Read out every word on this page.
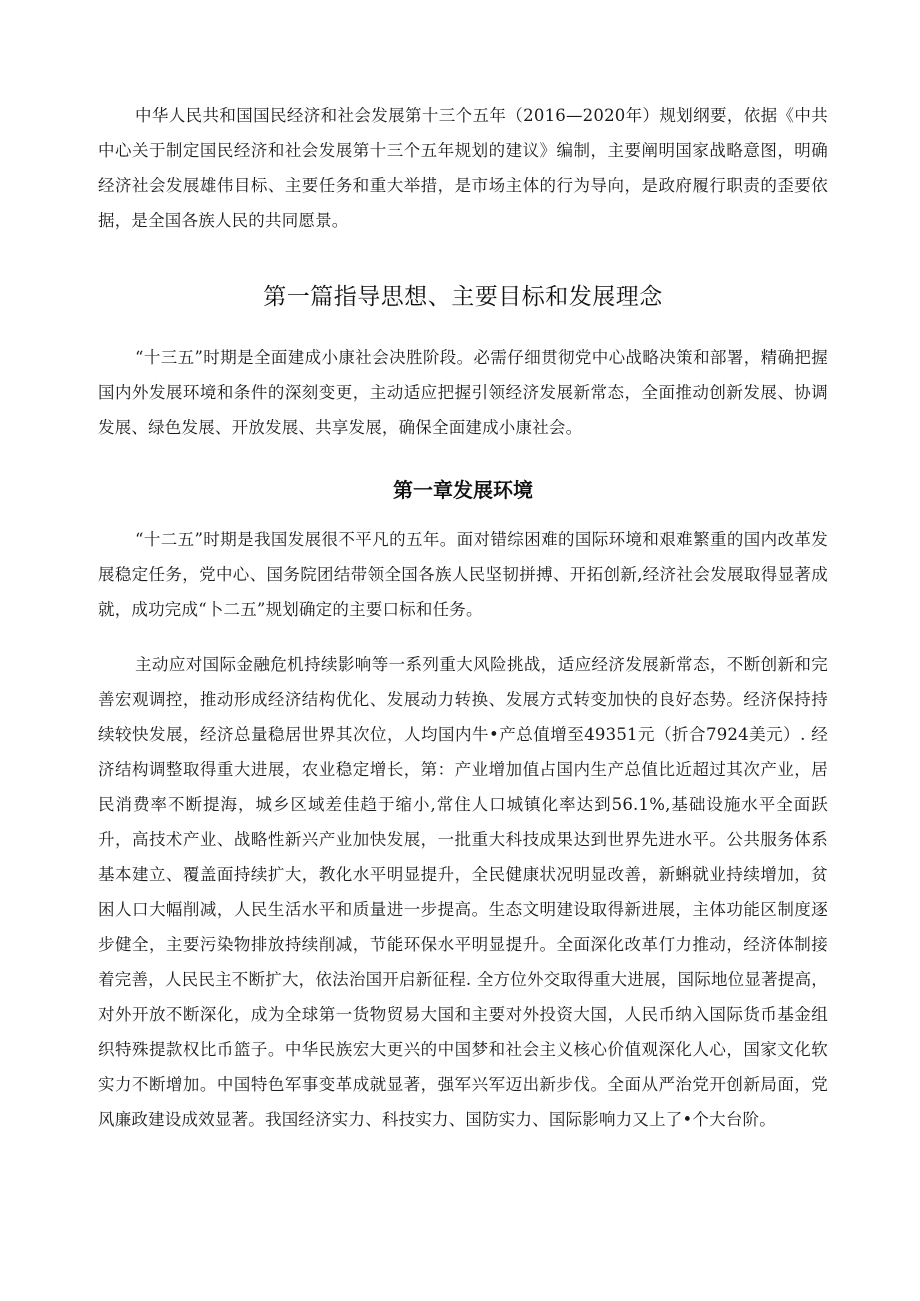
中华人民共和国国民经济和社会发展第十三个五年（2016—2020年）规划纲要，依据《中共中心关于制定国民经济和社会发展第十三个五年规划的建议》编制，主要阐明国家战略意图，明确经济社会发展雄伟目标、主要任务和重大举措，是市场主体的行为导向，是政府履行职责的歪要依据，是全国各族人民的共同愿景。

第一篇指导思想、主要目标和发展理念

“十三五”时期是全面建成小康社会决胜阶段。必需仔细贯彻党中心战略决策和部署，精确把握国内外发展环境和条件的深刻变更，主动适应把握引领经济发展新常态，全面推动创新发展、协调发展、绿色发展、开放发展、共享发展，确保全面建成小康社会。

第一章发展环境

“十二五”时期是我国发展很不平凡的五年。面对错综困难的国际环境和艰难繁重的国内改革发展稳定任务，党中心、国务院团结带领全国各族人民坚韧拼搏、开拓创新,经济社会发展取得显著成就，成功完成“卜二五”规划确定的主要口标和任务。

主动应对国际金融危机持续影响等一系列重大风险挑战，适应经济发展新常态，不断创新和完善宏观调控，推动形成经济结构优化、发展动力转换、发展方式转变加快的良好态势。经济保持持续较快发展，经济总量稳居世界其次位，人均国内牛•产总值增至49351元（折合7924美元）. 经济结构调整取得重大进展，农业稳定增长，第：产业增加值占国内生产总值比近超过其次产业，居民消费率不断提海，城乡区域差佳趋于缩小,常住人口城镇化率达到56.1%,基础设施水平全面跃升，高技术产业、战略性新兴产业加快发展，一批重大科技成果达到世界先进水平。公共服务体系基本建立、覆盖面持续扩大，教化水平明显提升，全民健康状况明显改善，新蝌就业持续增加，贫困人口大幅削减，人民生活水平和质量进一步提高。生态文明建设取得新进展，主体功能区制度逐步健全，主要污染物排放持续削减，节能环保水平明显提升。全面深化改革仃力推动，经济体制接着完善，人民民主不断扩大，依法治国开启新征程. 全方位外交取得重大进展，国际地位显著提高，对外开放不断深化，成为全球第一货物贸易大国和主要对外投资大国，人民币纳入国际货币基金组织特殊提款权比币篮子。中华民族宏大更兴的中国梦和社会主义核心价值观深化人心，国家文化软实力不断增加。中国特色军事变革成就显著，强军兴军迈出新步伐。全面从严治党开创新局面，党风廉政建设成效显著。我国经济实力、科技实力、国防实力、国际影响力又上了•个大台阶。
